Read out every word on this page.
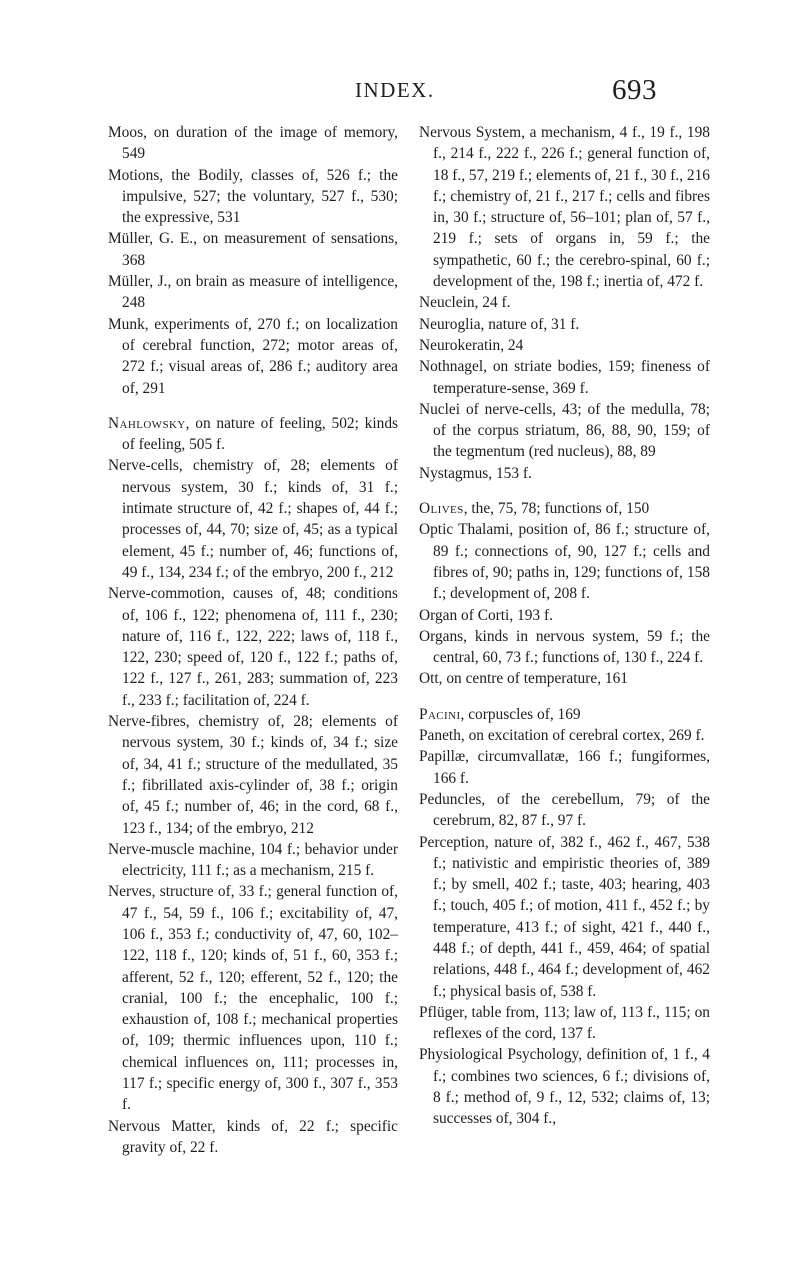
INDEX.	693

Moos, on duration of the image of memory, 549

Motions, the Bodily, classes of, 526 f.; the impulsive, 527; the voluntary, 527 f., 530; the expressive, 531

Müller, G. E., on measurement of sensations, 368

Müller, J., on brain as measure of intelligence, 248

Munk, experiments of, 270 f.; on localization of cerebral function, 272; motor areas of, 272 f.; visual areas of, 286 f.; auditory area of, 291

Nahlowsky, on nature of feeling, 502; kinds of feeling, 505 f.

Nerve-cells, chemistry of, 28; elements of nervous system, 30 f.; kinds of, 31 f.; intimate structure of, 42 f.; shapes of, 44 f.; processes of, 44, 70; size of, 45; as a typical element, 45 f.; number of, 46; functions of, 49 f., 134, 234 f.; of the embryo, 200 f., 212

Nerve-commotion, causes of, 48; conditions of, 106 f., 122; phenomena of, 111 f., 230; nature of, 116 f., 122, 222; laws of, 118 f., 122, 230; speed of, 120 f., 122 f.; paths of, 122 f., 127 f., 261, 283; summation of, 223 f., 233 f.; facilitation of, 224 f.

Nerve-fibres, chemistry of, 28; elements of nervous system, 30 f.; kinds of, 34 f.; size of, 34, 41 f.; structure of the medullated, 35 f.; fibrillated axis-cylinder of, 38 f.; origin of, 45 f.; number of, 46; in the cord, 68 f., 123 f., 134; of the embryo, 212

Nerve-muscle machine, 104 f.; behavior under electricity, 111 f.; as a mechanism, 215 f.

Nerves, structure of, 33 f.; general function of, 47 f., 54, 59 f., 106 f.; excitability of, 47, 106 f., 353 f.; conductivity of, 47, 60, 102–122, 118 f., 120; kinds of, 51 f., 60, 353 f.; afferent, 52 f., 120; efferent, 52 f., 120; the cranial, 100 f.; the encephalic, 100 f.; exhaustion of, 108 f.; mechanical properties of, 109; thermic influences upon, 110 f.; chemical influences on, 111; processes in, 117 f.; specific energy of, 300 f., 307 f., 353 f.

Nervous Matter, kinds of, 22 f.; specific gravity of, 22 f.

Nervous System, a mechanism, 4 f., 19 f., 198 f., 214 f., 222 f., 226 f.; general function of, 18 f., 57, 219 f.; elements of, 21 f., 30 f., 216 f.; chemistry of, 21 f., 217 f.; cells and fibres in, 30 f.; structure of, 56–101; plan of, 57 f., 219 f.; sets of organs in, 59 f.; the sympathetic, 60 f.; the cerebro-spinal, 60 f.; development of the, 198 f.; inertia of, 472 f.

Neuclein, 24 f.

Neuroglia, nature of, 31 f.

Neurokeratin, 24

Nothnagel, on striate bodies, 159; fineness of temperature-sense, 369 f.

Nuclei of nerve-cells, 43; of the medulla, 78; of the corpus striatum, 86, 88, 90, 159; of the tegmentum (red nucleus), 88, 89

Nystagmus, 153 f.

Olives, the, 75, 78; functions of, 150

Optic Thalami, position of, 86 f.; structure of, 89 f.; connections of, 90, 127 f.; cells and fibres of, 90; paths in, 129; functions of, 158 f.; development of, 208 f.

Organ of Corti, 193 f.

Organs, kinds in nervous system, 59 f.; the central, 60, 73 f.; functions of, 130 f., 224 f.

Ott, on centre of temperature, 161

Pacini, corpuscles of, 169

Paneth, on excitation of cerebral cortex, 269 f.

Papillæ, circumvallatæ, 166 f.; fungiformes, 166 f.

Peduncles, of the cerebellum, 79; of the cerebrum, 82, 87 f., 97 f.

Perception, nature of, 382 f., 462 f., 467, 538 f.; nativistic and empiristic theories of, 389 f.; by smell, 402 f.; taste, 403; hearing, 403 f.; touch, 405 f.; of motion, 411 f., 452 f.; by temperature, 413 f.; of sight, 421 f., 440 f., 448 f.; of depth, 441 f., 459, 464; of spatial relations, 448 f., 464 f.; development of, 462 f.; physical basis of, 538 f.

Pflüger, table from, 113; law of, 113 f., 115; on reflexes of the cord, 137 f.

Physiological Psychology, definition of, 1 f., 4 f.; combines two sciences, 6 f.; divisions of, 8 f.; method of, 9 f., 12, 532; claims of, 13; successes of, 304 f.,
